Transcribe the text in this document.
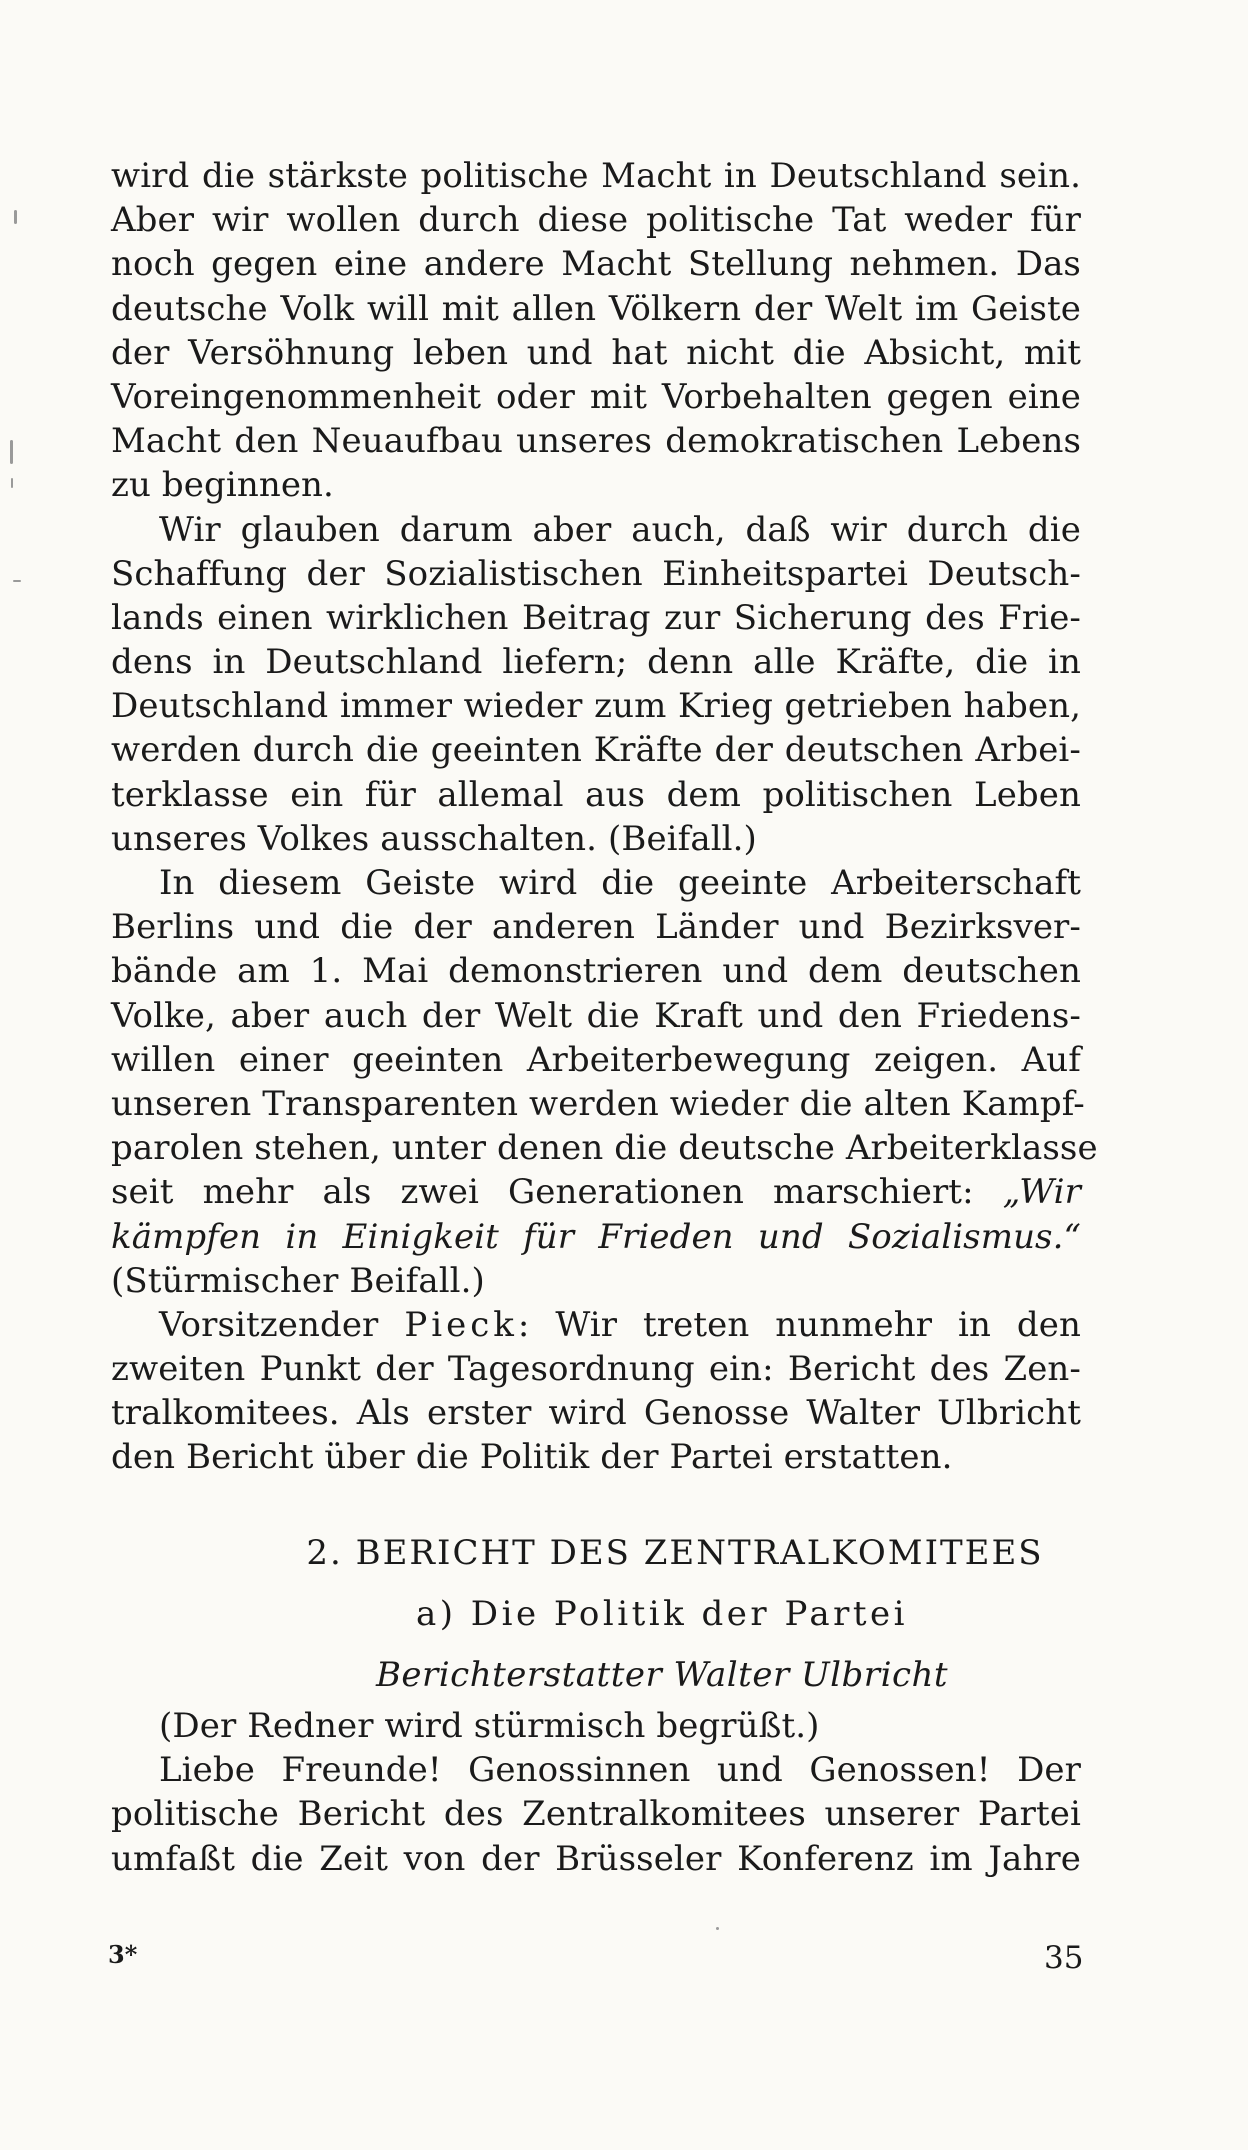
wird die stärkste politische Macht in Deutschland sein.
Aber wir wollen durch diese politische Tat weder für
noch gegen eine andere Macht Stellung nehmen. Das
deutsche Volk will mit allen Völkern der Welt im Geiste
der Versöhnung leben und hat nicht die Absicht, mit
Voreingenommenheit oder mit Vorbehalten gegen eine
Macht den Neuaufbau unseres demokratischen Lebens
zu beginnen.
Wir glauben darum aber auch, daß wir durch die
Schaffung der Sozialistischen Einheitspartei Deutsch-
lands einen wirklichen Beitrag zur Sicherung des Frie-
dens in Deutschland liefern; denn alle Kräfte, die in
Deutschland immer wieder zum Krieg getrieben haben,
werden durch die geeinten Kräfte der deutschen Arbei-
terklasse ein für allemal aus dem politischen Leben
unseres Volkes ausschalten. (Beifall.)
In diesem Geiste wird die geeinte Arbeiterschaft
Berlins und die der anderen Länder und Bezirksver-
bände am 1. Mai demonstrieren und dem deutschen
Volke, aber auch der Welt die Kraft und den Friedens-
willen einer geeinten Arbeiterbewegung zeigen. Auf
unseren Transparenten werden wieder die alten Kampf-
parolen stehen, unter denen die deutsche Arbeiterklasse
seit mehr als zwei Generationen marschiert: „Wir
kämpfen in Einigkeit für Frieden und Sozialismus.“
(Stürmischer Beifall.)
Vorsitzender Pieck: Wir treten nunmehr in den
zweiten Punkt der Tagesordnung ein: Bericht des Zen-
tralkomitees. Als erster wird Genosse Walter Ulbricht
den Bericht über die Politik der Partei erstatten.
2. BERICHT DES ZENTRALKOMITEES
a) Die Politik der Partei
Berichterstatter Walter Ulbricht
(Der Redner wird stürmisch begrüßt.)
Liebe Freunde! Genossinnen und Genossen! Der
politische Bericht des Zentralkomitees unserer Partei
umfaßt die Zeit von der Brüsseler Konferenz im Jahre
3*	35
